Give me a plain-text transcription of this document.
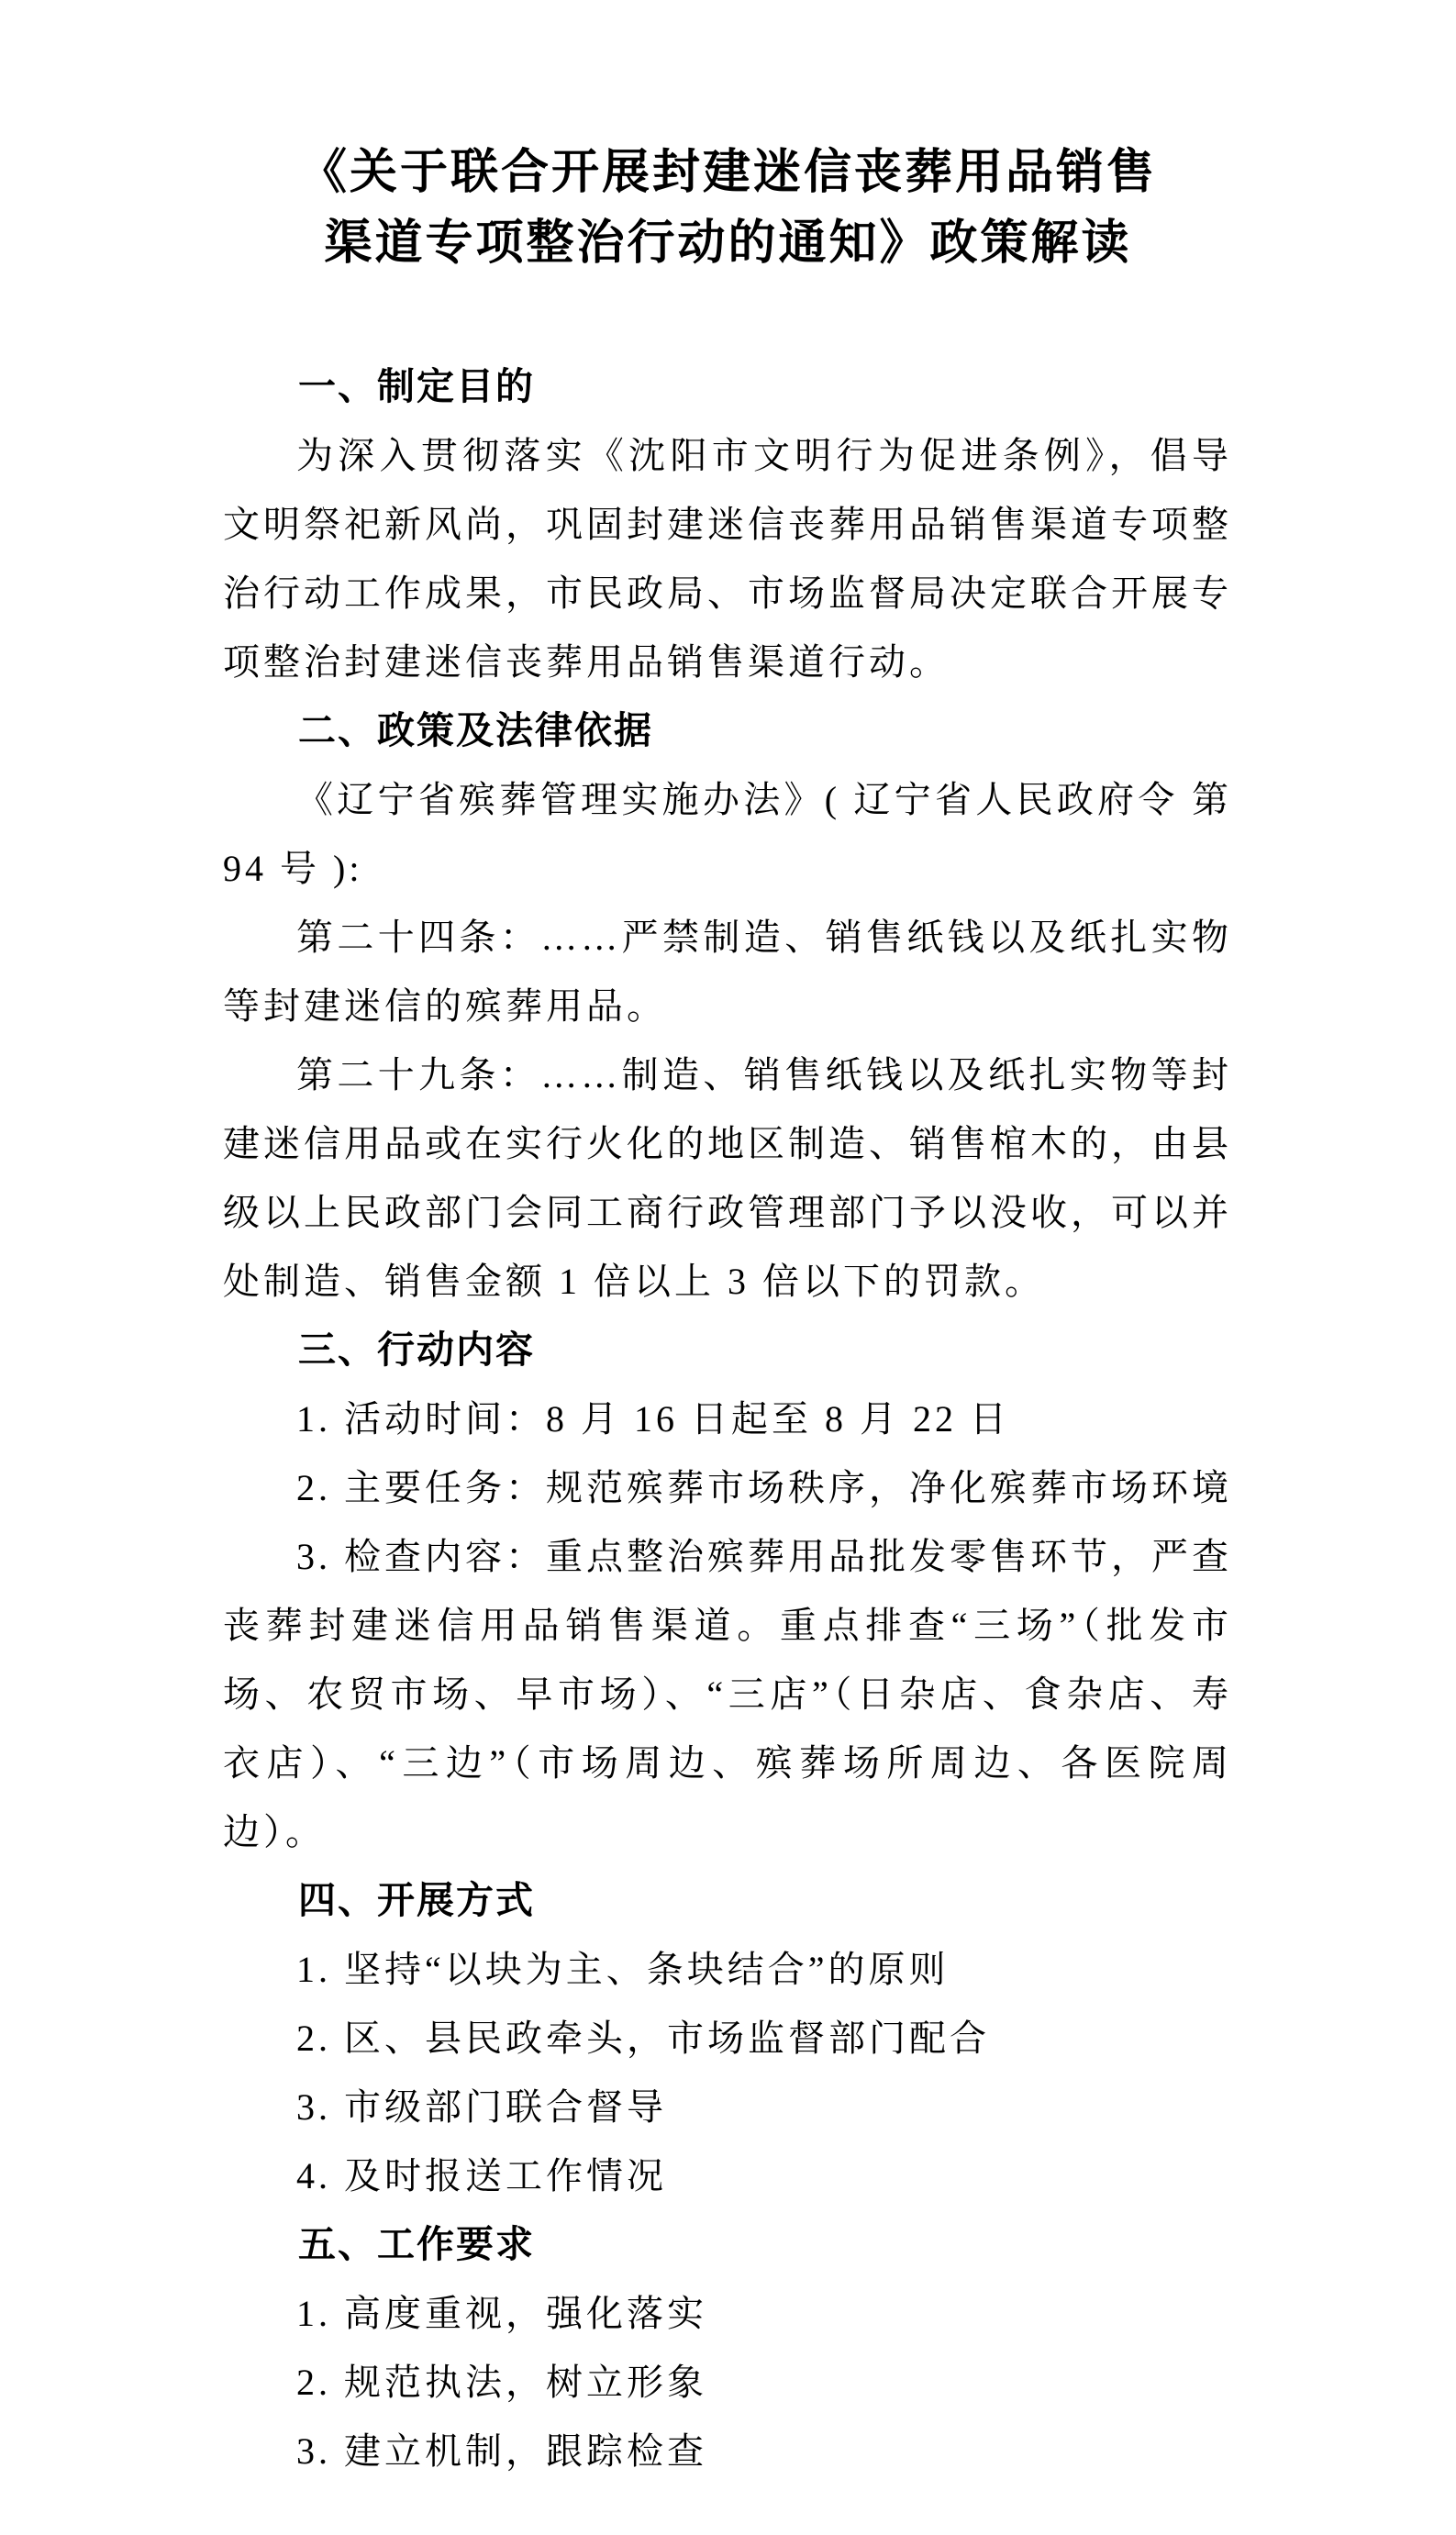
《关于联合开展封建迷信丧葬用品销售
渠道专项整治行动的通知》政策解读
一、制定目的

为深入贯彻落实《沈阳市文明行为促进条例》，倡导文明祭祀新风尚，巩固封建迷信丧葬用品销售渠道专项整治行动工作成果，市民政局、市场监督局决定联合开展专项整治封建迷信丧葬用品销售渠道行动。

二、政策及法律依据

《辽宁省殡葬管理实施办法》( 辽宁省人民政府令 第 94 号 ):

第二十四条：……严禁制造、销售纸钱以及纸扎实物等封建迷信的殡葬用品。

第二十九条：……制造、销售纸钱以及纸扎实物等封建迷信用品或在实行火化的地区制造、销售棺木的，由县级以上民政部门会同工商行政管理部门予以没收，可以并处制造、销售金额 1 倍以上 3 倍以下的罚款。

三、行动内容

1. 活动时间：8 月 16 日起至 8 月 22 日

2. 主要任务：规范殡葬市场秩序，净化殡葬市场环境

3. 检查内容：重点整治殡葬用品批发零售环节，严查丧葬封建迷信用品销售渠道。重点排查“三场”（批发市场、农贸市场、早市场）、“三店”（日杂店、食杂店、寿衣店）、“三边”（市场周边、殡葬场所周边、各医院周边）。

四、开展方式

1. 坚持“以块为主、条块结合”的原则

2. 区、县民政牵头，市场监督部门配合

3. 市级部门联合督导

4. 及时报送工作情况

五、工作要求

1. 高度重视，强化落实

2. 规范执法，树立形象

3. 建立机制，跟踪检查
